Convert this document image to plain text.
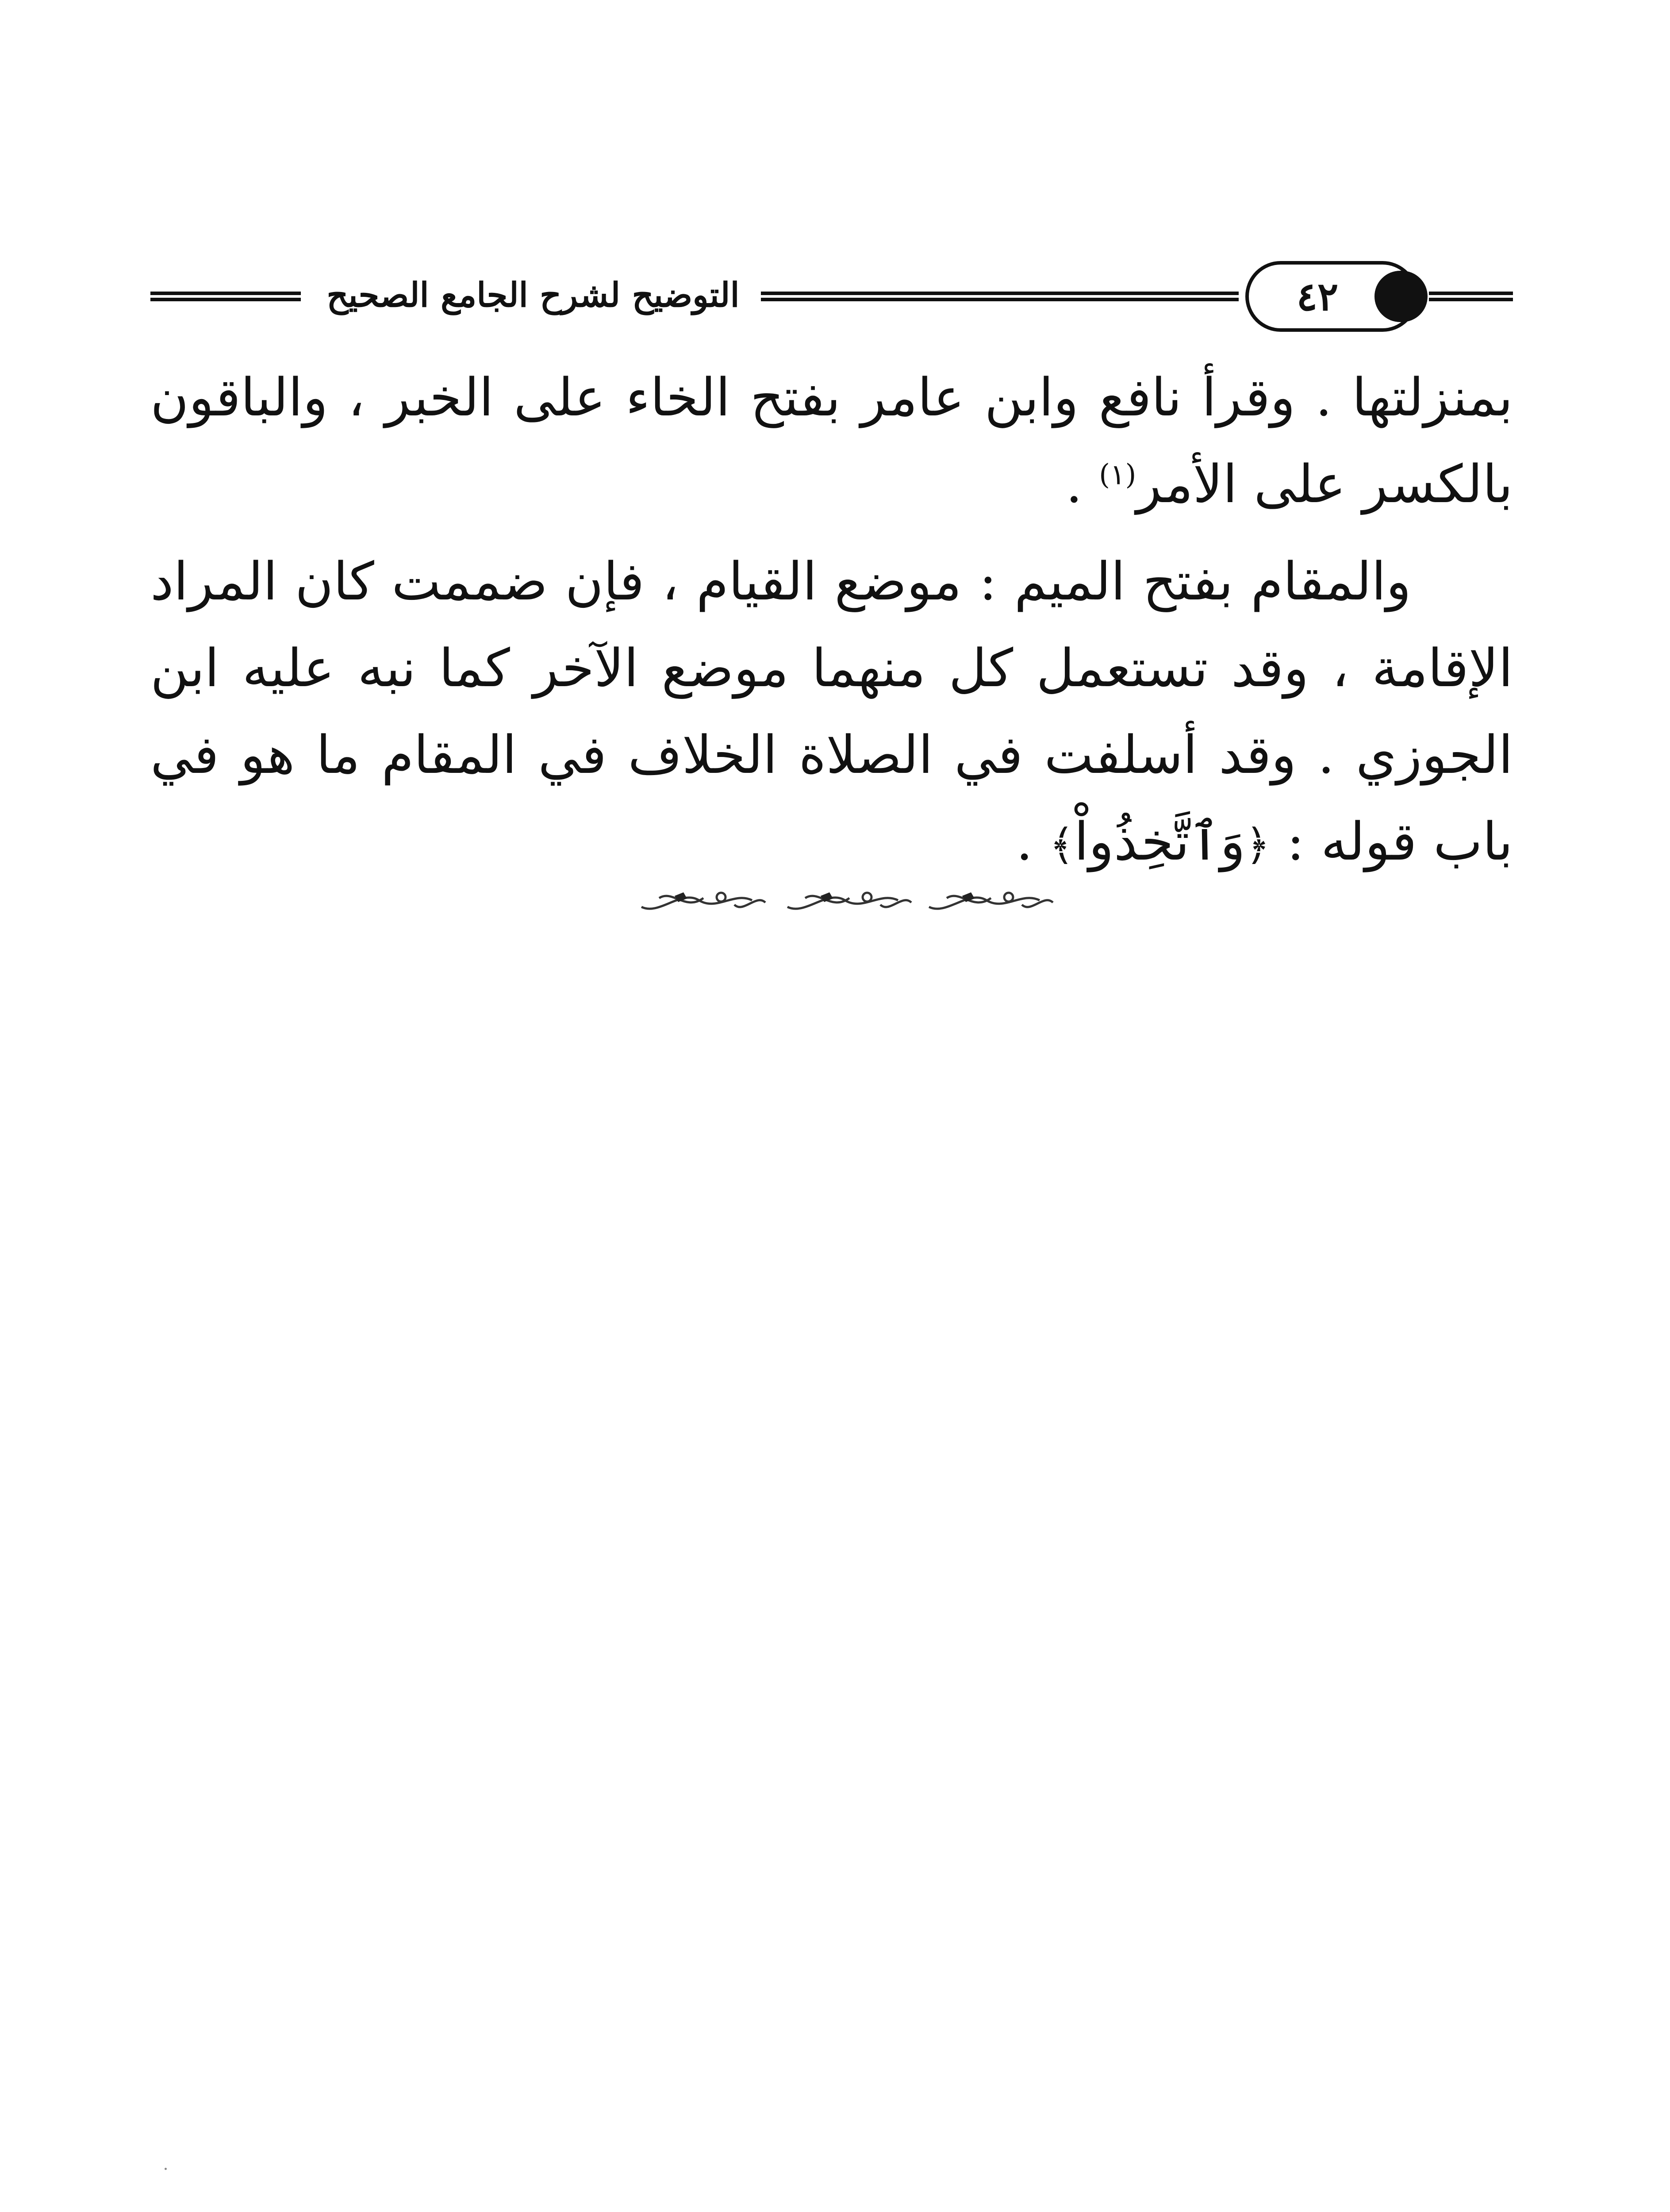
التوضيح لشرح الجامع الصحيح	٤٢

بمنزلتها . وقرأ نافع وابن عامر بفتح الخاء على الخبر ، والباقون بالكسر على الأمر$^{(١)}$ .

والمقام بفتح الميم : موضع القيام ، فإن ضممت كان المراد الإقامة ، وقد تستعمل كل منهما موضع الآخر كما نبه عليه ابن الجوزي . وقد أسلفت في الصلاة الخلاف في المقام ما هو في باب قوله : ﴿وَٱتَّخِذُواْ﴾ .
